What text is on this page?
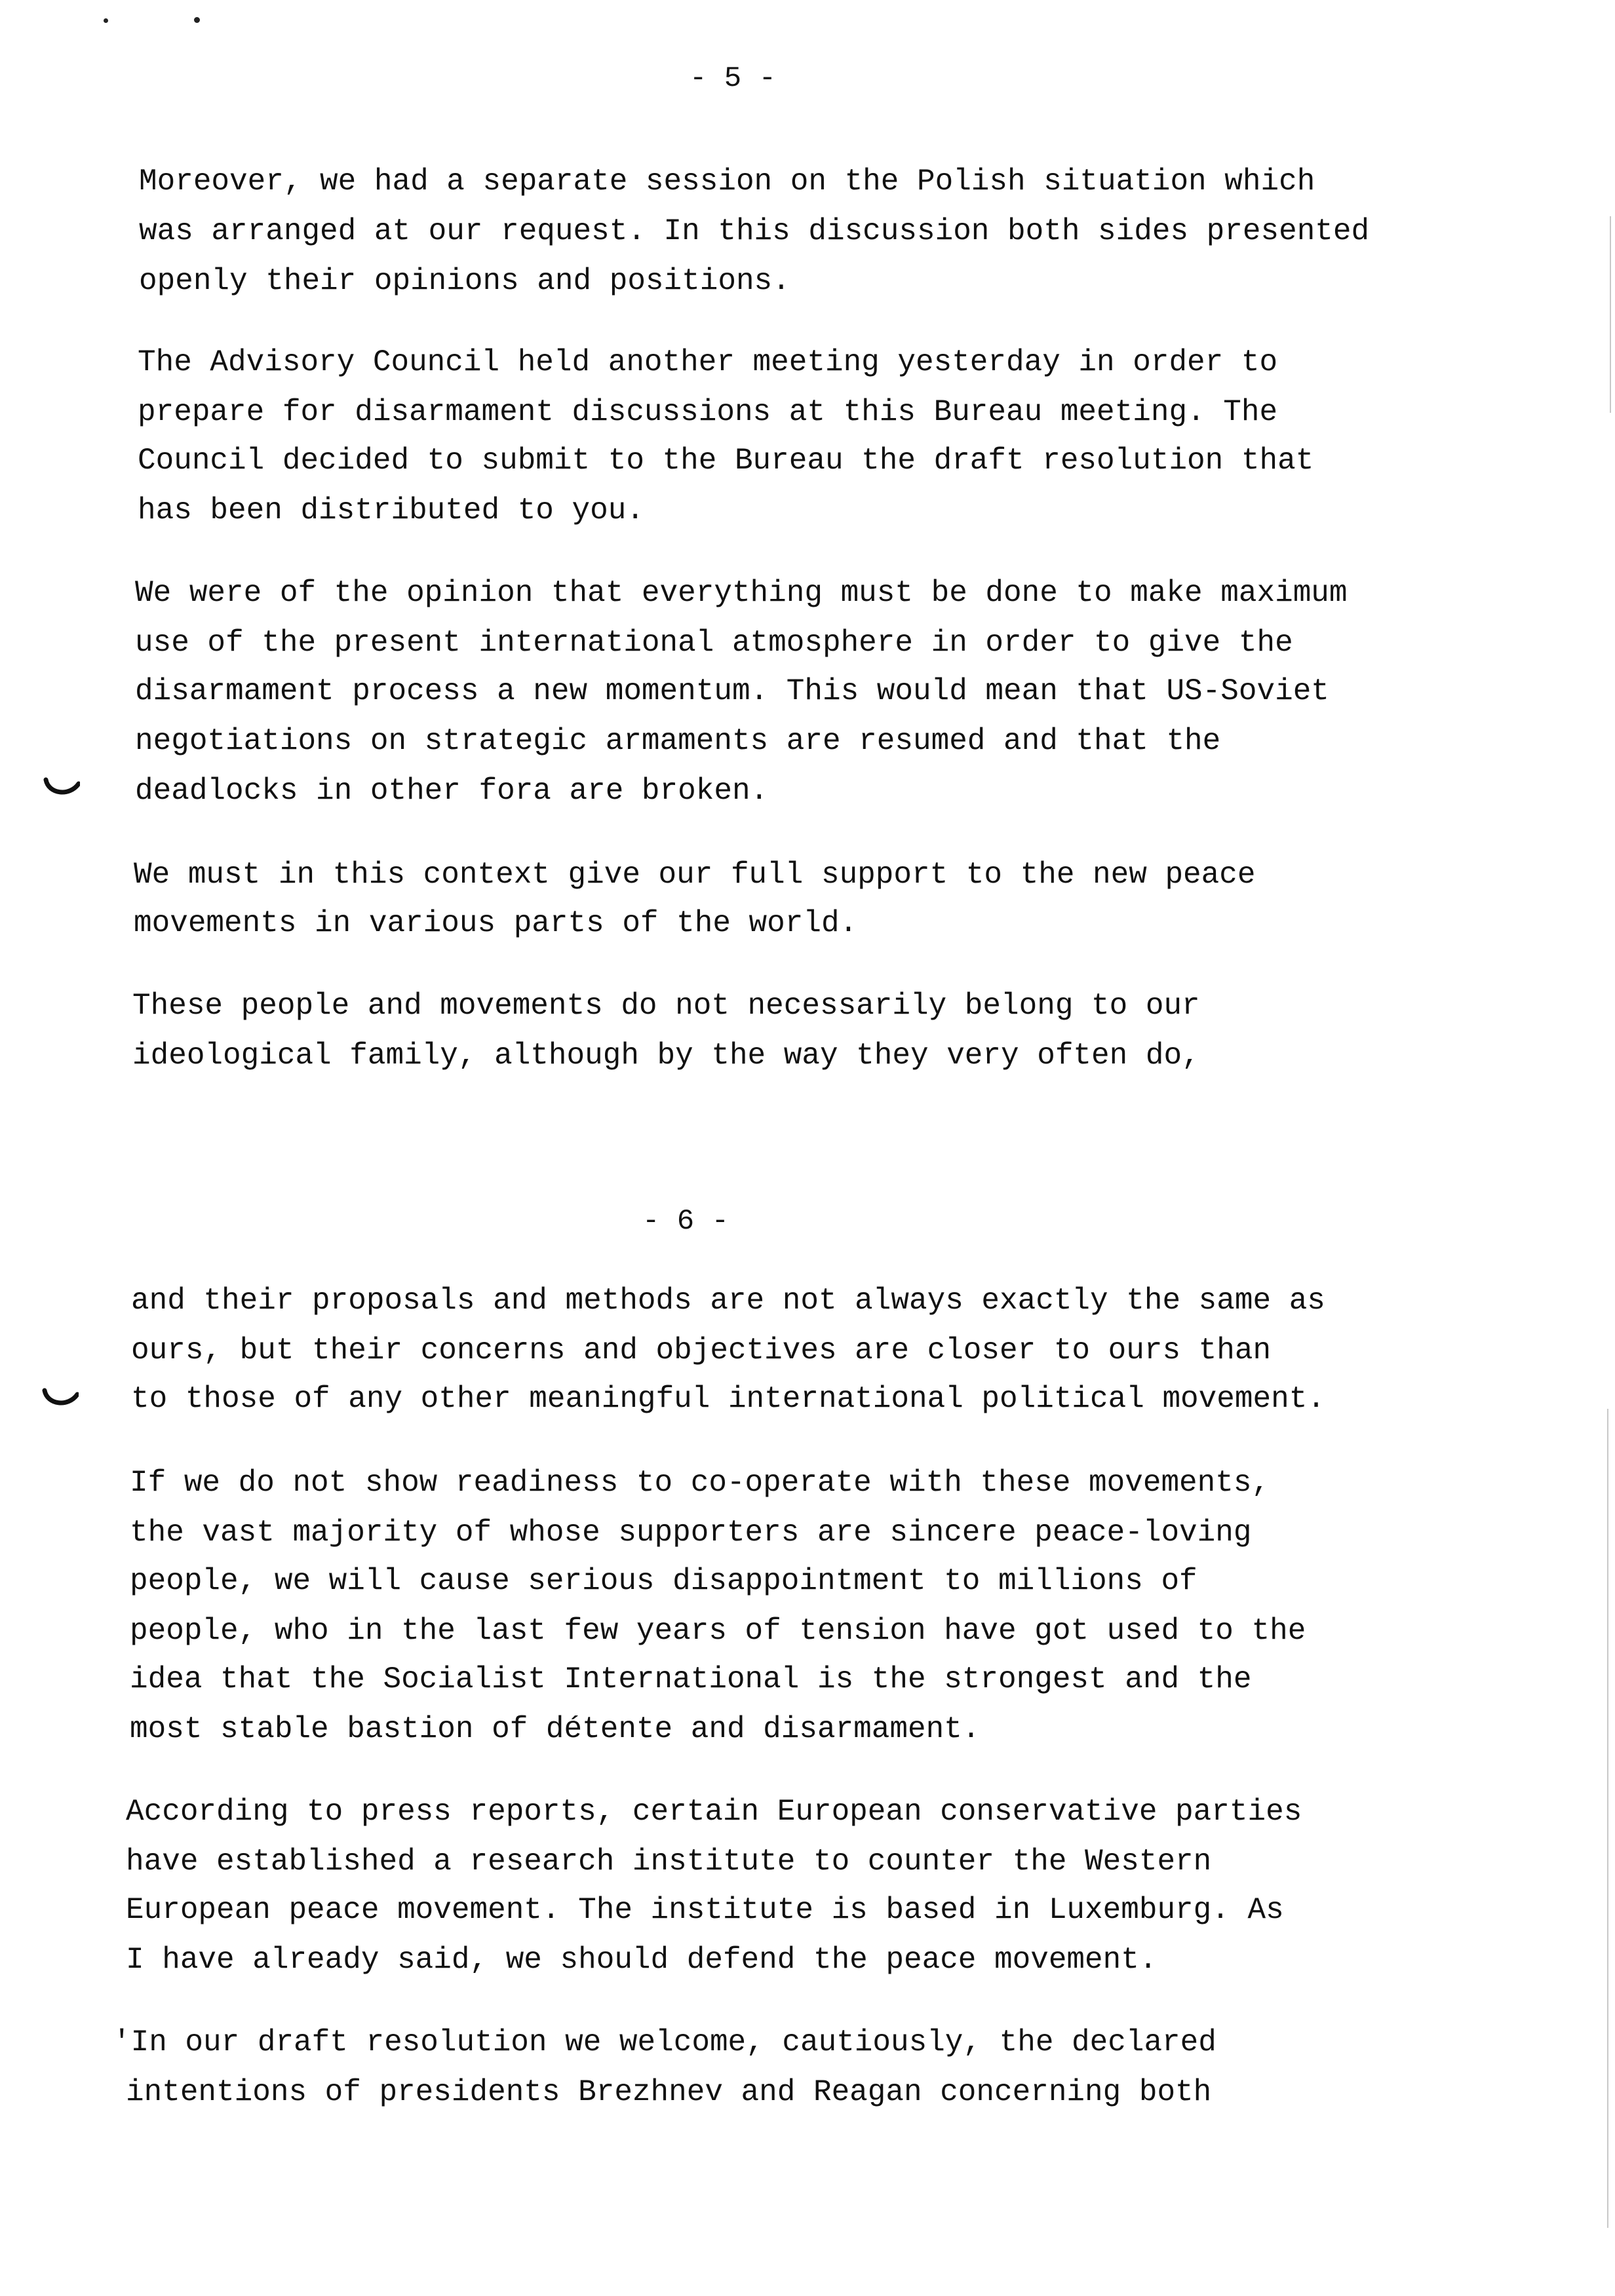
- 5 -
Moreover, we had a separate session on the Polish situation which
was arranged at our request. In this discussion both sides presented
openly their opinions and positions.
The Advisory Council held another meeting yesterday in order to
prepare for disarmament discussions at this Bureau meeting. The
Council decided to submit to the Bureau the draft resolution that
has been distributed to you.
We were of the opinion that everything must be done to make maximum
use of the present international atmosphere in order to give the
disarmament process a new momentum. This would mean that US-Soviet
negotiations on strategic armaments are resumed and that the
deadlocks in other fora are broken.
We must in this context give our full support to the new peace
movements in various parts of the world.
These people and movements do not necessarily belong to our
ideological family, although by the way they very often do,
- 6 -
and their proposals and methods are not always exactly the same as
ours, but their concerns and objectives are closer to ours than
to those of any other meaningful international political movement.
If we do not show readiness to co-operate with these movements,
the vast majority of whose supporters are sincere peace-loving
people, we will cause serious disappointment to millions of
people, who in the last few years of tension have got used to the
idea that the Socialist International is the strongest and the
most stable bastion of détente and disarmament.
According to press reports, certain European conservative parties
have established a research institute to counter the Western
European peace movement. The institute is based in Luxemburg. As
I have already said, we should defend the peace movement.
'In our draft resolution we welcome, cautiously, the declared
intentions of presidents Brezhnev and Reagan concerning both
